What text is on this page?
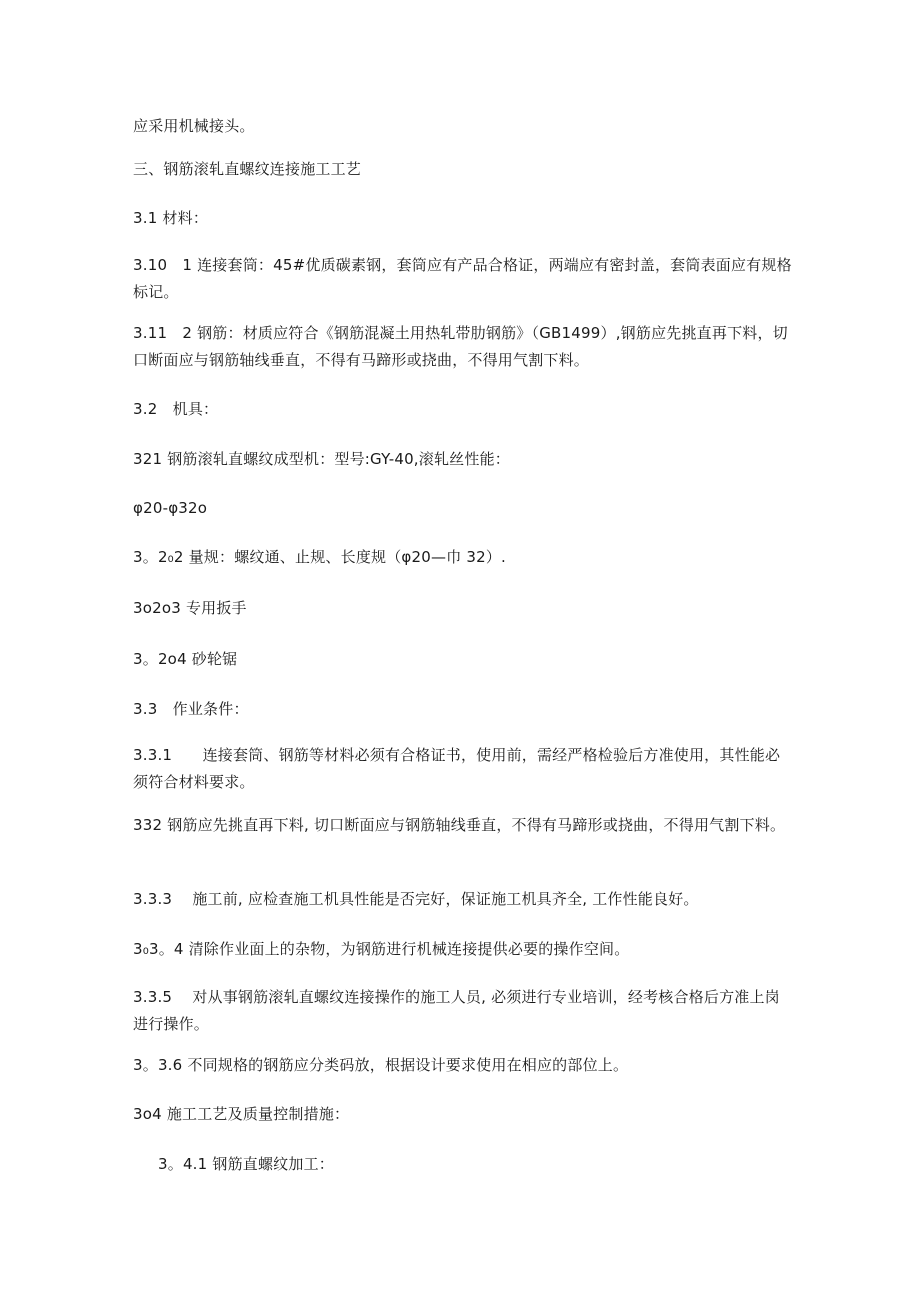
应采用机械接头。
三、钢筋滚轧直螺纹连接施工工艺
3.1 材料：
3.10　1 连接套筒：45#优质碳素钢，套筒应有产品合格证，两端应有密封盖，套筒表面应有规格标记。
3.11　2 钢筋：材质应符合《钢筋混凝土用热轧带肋钢筋》（GB1499）,钢筋应先挑直再下料，切口断面应与钢筋轴线垂直，不得有马蹄形或挠曲，不得用气割下料。
3.2　机具：
321 钢筋滚轧直螺纹成型机：型号:GY-40,滚轧丝性能：
φ20-φ32o
3。2₀2 量规：螺纹通、止规、长度规（φ20—巾 32）.
3o2o3 专用扳手
3。2o4 砂轮锯
3.3　作业条件：
3.3.1　　连接套筒、钢筋等材料必须有合格证书，使用前，需经严格检验后方准使用，其性能必须符合材料要求。
332 钢筋应先挑直再下料, 切口断面应与钢筋轴线垂直，不得有马蹄形或挠曲，不得用气割下料。
3.3.3　 施工前, 应检查施工机具性能是否完好，保证施工机具齐全, 工作性能良好。
3₀3。4 清除作业面上的杂物，为钢筋进行机械连接提供必要的操作空间。
3.3.5　 对从事钢筋滚轧直螺纹连接操作的施工人员, 必须进行专业培训，经考核合格后方准上岗进行操作。
3。3.6 不同规格的钢筋应分类码放，根据设计要求使用在相应的部位上。
3o4 施工工艺及质量控制措施：
3。4.1 钢筋直螺纹加工：
